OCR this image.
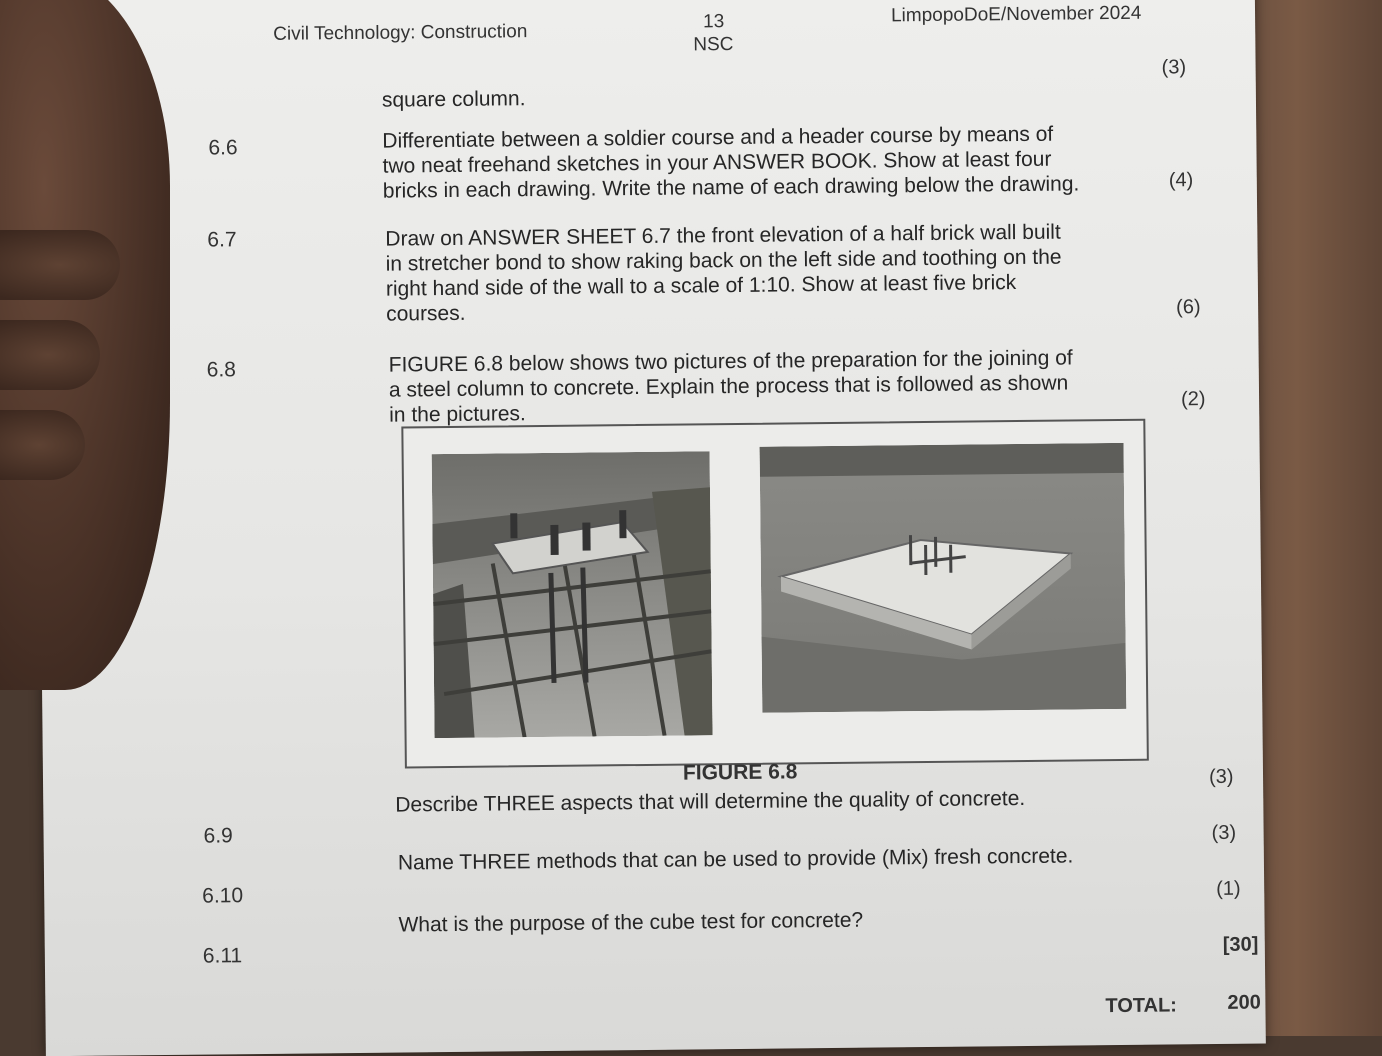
Civil Technology: Construction	13
NSC
LimpopoDoE/November 2024
square column.
(3)
6.6	Differentiate between a soldier course and a header course by means of
two neat freehand sketches in your ANSWER BOOK. Show at least four
bricks in each drawing. Write the name of each drawing below the drawing.	(4)
6.7	Draw on ANSWER SHEET 6.7 the front elevation of a half brick wall built
in stretcher bond to show raking back on the left side and toothing on the
right hand side of the wall to a scale of 1:10. Show at least five brick
courses.	(6)
6.8	FIGURE 6.8 below shows two pictures of the preparation for the joining of
a steel column to concrete. Explain the process that is followed as shown
in the pictures.
(2)
FIGURE 6.8
6.9
Describe THREE aspects that will determine the quality of concrete.
(3)
6.10
Name THREE methods that can be used to provide (Mix) fresh concrete.
(3)
6.11
What is the purpose of the cube test for concrete?
(1)
[30]
TOTAL:	200
